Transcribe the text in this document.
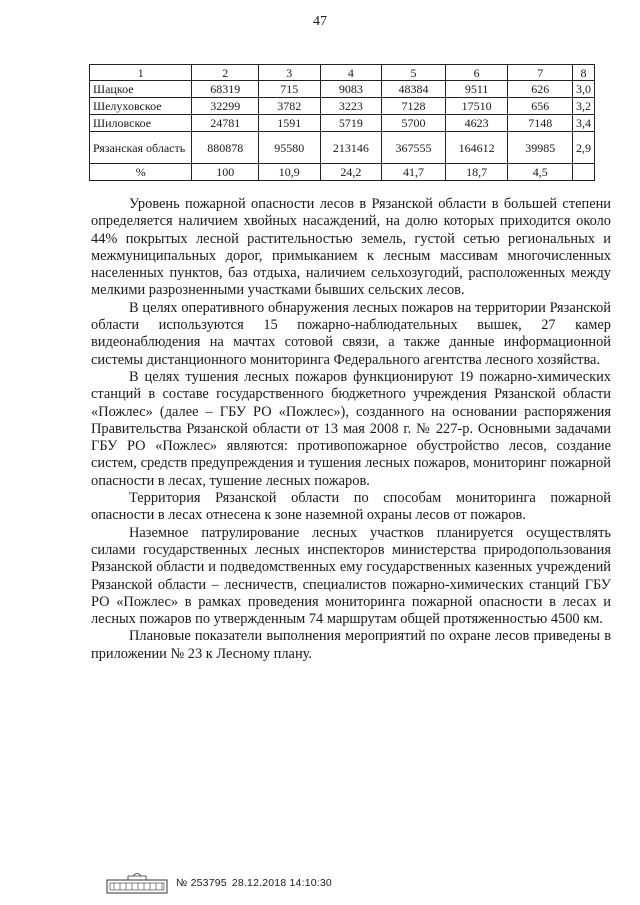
47
1	2	3	4	5	6	7	8
Шацкое	68319	715	9083	48384	9511	626	3,0
Шелуховское	32299	3782	3223	7128	17510	656	3,2
Шиловское	24781	1591	5719	5700	4623	7148	3,4
Рязанская область	880878	95580	213146	367555	164612	39985	2,9
%	100	10,9	24,2	41,7	18,7	4,5	

Уровень пожарной опасности лесов в Рязанской области в большей степени определяется наличием хвойных насаждений, на долю которых приходится около 44% покрытых лесной растительностью земель, густой сетью региональных и межмуниципальных дорог, примыканием к лесным массивам многочисленных населенных пунктов, баз отдыха, наличием сельхозугодий, расположенных между мелкими разрозненными участками бывших сельских лесов.

В целях оперативного обнаружения лесных пожаров на территории Рязанской области используются 15 пожарно-наблюдательных вышек, 27 камер видеонаблюдения на мачтах сотовой связи, а также данные информационной системы дистанционного мониторинга Федерального агентства лесного хозяйства.

В целях тушения лесных пожаров функционируют 19 пожарно-химических станций в составе государственного бюджетного учреждения Рязанской области «Пожлес» (далее – ГБУ РО «Пожлес»), созданного на основании распоряжения Правительства Рязанской области от 13 мая 2008 г. № 227-р. Основными задачами ГБУ РО «Пожлес» являются: противопожарное обустройство лесов, создание систем, средств предупреждения и тушения лесных пожаров, мониторинг пожарной опасности в лесах, тушение лесных пожаров.

Территория Рязанской области по способам мониторинга пожарной опасности в лесах отнесена к зоне наземной охраны лесов от пожаров.

Наземное патрулирование лесных участков планируется осуществлять силами государственных лесных инспекторов министерства природопользования Рязанской области и подведомственных ему государственных казенных учреждений Рязанской области – лесничеств, специалистов пожарно-химических станций ГБУ РО «Пожлес» в рамках проведения мониторинга пожарной опасности в лесах и лесных пожаров по утвержденным 74 маршрутам общей протяженностью 4500 км.

Плановые показатели выполнения мероприятий по охране лесов приведены в приложении № 23 к Лесному плану.

№ 253795 28.12.2018 14:10:30
